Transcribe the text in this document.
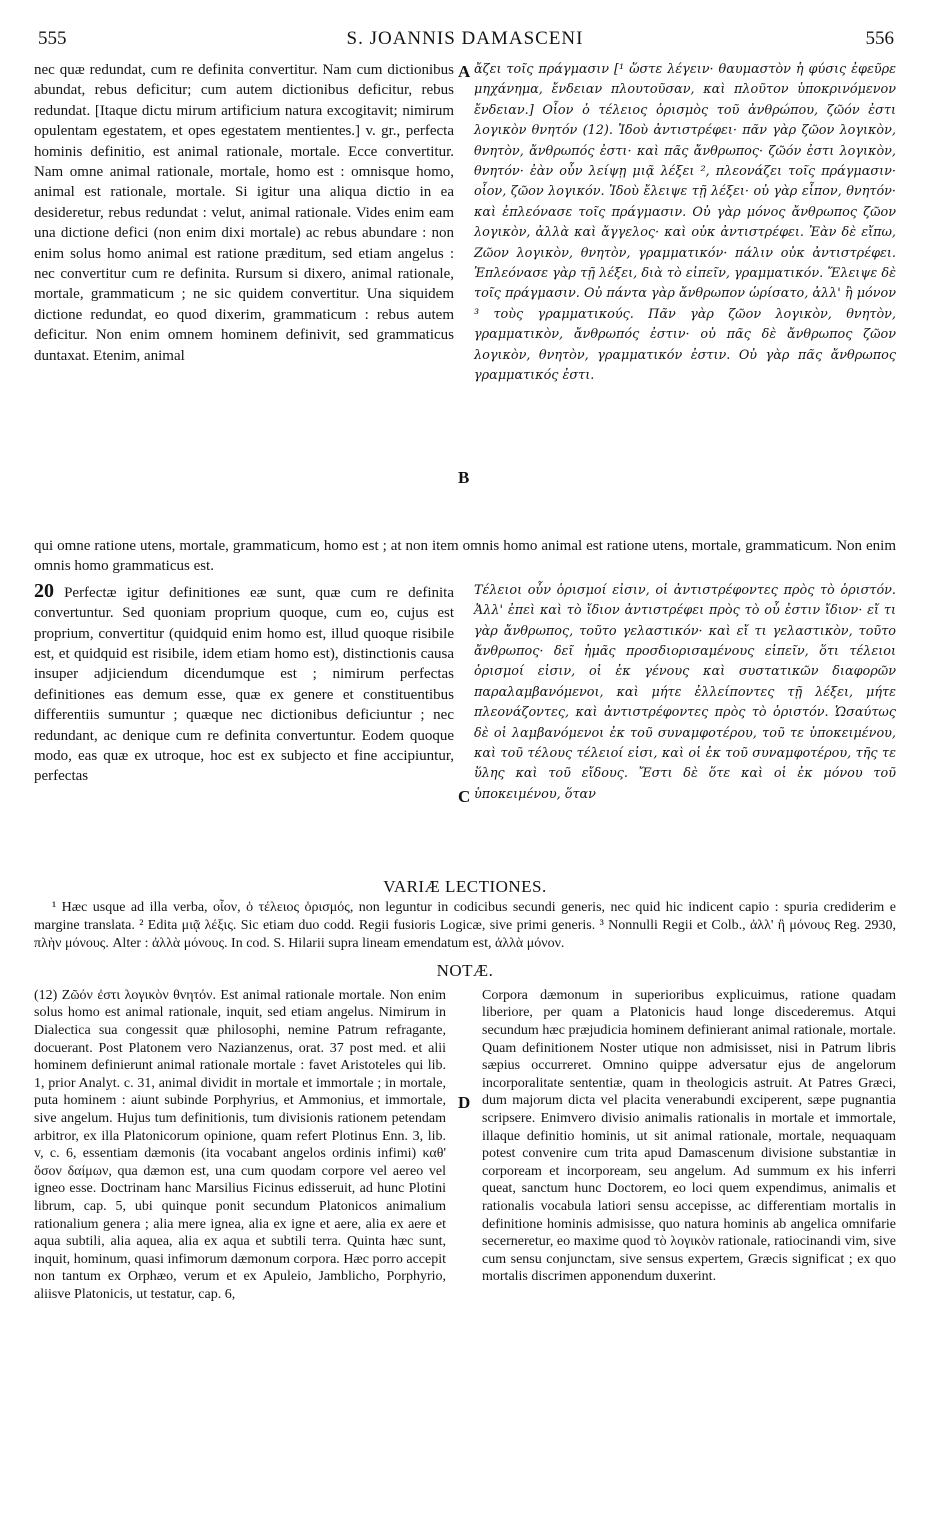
555	S. JOANNIS DAMASCENI	556
nec quæ redundat, cum re definita convertitur. Nam cum dictionibus abundat, rebus deficitur; cum autem dictionibus deficitur, rebus redundat. [Itaque dictu mirum artificium natura excogitavit; nimirum opulentam egestatem, et opes egestatem mentientes.] v. gr., perfecta hominis definitio, est animal rationale, mortale. Ecce convertitur. Nam omne animal rationale, mortale, homo est : omnisque homo, animal est rationale, mortale. Si igitur una aliqua dictio in ea desideretur, rebus redundat : velut, animal rationale. Vides enim eam una dictione defici (non enim dixi mortale) ac rebus abundare : non enim solus homo animal est ratione præditum, sed etiam angelus : nec convertitur cum re definita. Rursum si dixero, animal rationale, mortale, grammaticum ; ne sic quidem convertitur. Una siquidem dictione redundat, eo quod dixerim, grammaticum : rebus autem deficitur. Non enim omnem hominem definivit, sed grammaticus duntaxat. Etenim, animal
A
B
ἄζει τοῖς πράγμασιν [¹ ὥστε λέγειν· θαυμαστὸν ἡ φύσις ἐφεῦρε μηχάνημα, ἔνδειαν πλουτοῦσαν, καὶ πλοῦτον ὑποκρινόμενον ἔνδειαν.] Οἷον ὁ τέλειος ὁρισμὸς τοῦ ἀνθρώπου, ζῶόν ἐστι λογικὸν θνητόν (12). Ἰδοὺ ἀντιστρέφει· πᾶν γὰρ ζῶον λογικὸν, θνητὸν, ἄνθρωπός ἐστι· καὶ πᾶς ἄνθρωπος· ζῶόν ἐστι λογικὸν, θνητόν· ἐὰν οὖν λείψῃ μιᾷ λέξει ², πλεονάζει τοῖς πράγμασιν· οἷον, ζῶον λογικόν. Ἰδοὺ ἔλειψε τῇ λέξει· οὐ γὰρ εἶπον, θνητόν· καὶ ἐπλεόνασε τοῖς πράγμασιν. Οὐ γὰρ μόνος ἄνθρωπος ζῶον λογικὸν, ἀλλὰ καὶ ἄγγελος· καὶ οὐκ ἀντιστρέφει. Ἐὰν δὲ εἴπω, Ζῶον λογικὸν, θνητὸν, γραμματικόν· πάλιν οὐκ ἀντιστρέφει. Ἐπλεόνασε γὰρ τῇ λέξει, διὰ τὸ εἰπεῖν, γραμματικόν. Ἔλειψε δὲ τοῖς πράγμασιν. Οὐ πάντα γὰρ ἄνθρωπον ὡρίσατο, ἀλλ' ἢ μόνον ³ τοὺς γραμματικούς. Πᾶν γὰρ ζῶον λογικὸν, θνητὸν, γραμματικὸν, ἄνθρωπός ἐστιν· οὐ πᾶς δὲ ἄνθρωπος ζῶον λογικὸν, θνητὸν, γραμματικόν ἐστιν. Οὐ γὰρ πᾶς ἄνθρωπος γραμματικός ἐστι.
qui omne ratione utens, mortale, grammaticum, homo est ; at non item omnis homo animal est ratione utens, mortale, grammaticum. Non enim omnis homo grammaticus est.
20 Perfectæ igitur definitiones eæ sunt, quæ cum re definita convertuntur. Sed quoniam proprium quoque, cum eo, cujus est proprium, convertitur (quidquid enim homo est, illud quoque risibile est, et quidquid est risibile, idem etiam homo est), distinctionis causa insuper adjiciendum dicendumque est ; nimirum perfectas definitiones eas demum esse, quæ ex genere et constituentibus differentiis sumuntur ; quæque nec dictionibus deficiuntur ; nec redundant, ac denique cum re definita convertuntur. Eodem quoque modo, eas quæ ex utroque, hoc est ex subjecto et fine accipiuntur, perfectas
C
Τέλειοι οὖν ὁρισμοί εἰσιν, οἱ ἀντιστρέφοντες πρὸς τὸ ὁριστόν. Ἀλλ' ἐπεὶ καὶ τὸ ἴδιον ἀντιστρέφει πρὸς τὸ οὗ ἐστιν ἴδιον· εἴ τι γὰρ ἄνθρωπος, τοῦτο γελαστικόν· καὶ εἴ τι γελαστικὸν, τοῦτο ἄνθρωπος· δεῖ ἡμᾶς προσδιορισαμένους εἰπεῖν, ὅτι τέλειοι ὁρισμοί εἰσιν, οἱ ἐκ γένους καὶ συστατικῶν διαφορῶν παραλαμβανόμενοι, καὶ μήτε ἐλλείποντες τῇ λέξει, μήτε πλεονάζοντες, καὶ ἀντιστρέφοντες πρὸς τὸ ὁριστόν. Ὡσαύτως δὲ οἱ λαμβανόμενοι ἐκ τοῦ συναμφοτέρου, τοῦ τε ὑποκειμένου, καὶ τοῦ τέλους τέλειοί εἰσι, καὶ οἱ ἐκ τοῦ συναμφοτέρου, τῆς τε ὕλης καὶ τοῦ εἴδους. Ἔστι δὲ ὅτε καὶ οἱ ἐκ μόνου τοῦ ὑποκειμένου, ὅταν
VARIÆ LECTIONES.
¹ Hæc usque ad illa verba, οἷον, ὁ τέλειος ὁρισμός, non leguntur in codicibus secundi generis, nec quid hic indicent capio : spuria crediderim e margine translata. ² Edita μιᾷ λέξις. Sic etiam duo codd. Regii fusioris Logicæ, sive primi generis. ³ Nonnulli Regii et Colb., ἀλλ' ἢ μόνους Reg. 2930, πλὴν μόνους. Alter : ἀλλὰ μόνους. In cod. S. Hilarii supra lineam emendatum est, ἀλλὰ μόνον.
NOTÆ.
(12) Ζῶόν ἐστι λογικὸν θνητόν. Est animal rationale mortale. Non enim solus homo est animal rationale, inquit, sed etiam angelus. Nimirum in Dialectica sua congessit quæ philosophi, nemine Patrum refragante, docuerant. Post Platonem vero Nazianzenus, orat. 37 post med. et alii hominem definierunt animal rationale mortale : favet Aristoteles qui lib. 1, prior Analyt. c. 31, animal dividit in mortale et immortale ; in mortale, puta hominem : aiunt subinde Porphyrius, et Ammonius, et immortale, sive angelum. Hujus tum definitionis, tum divisionis rationem petendam arbitror, ex illa Platonicorum opinione, quam refert Plotinus Enn. 3, lib. v, c. 6, essentiam dæmonis (ita vocabant angelos ordinis infimi) καθ' ὅσον δαίμων, qua dæmon est, una cum quodam corpore vel aereo vel igneo esse. Doctrinam hanc Marsilius Ficinus edisseruit, ad hunc Plotini librum, cap. 5, ubi quinque ponit secundum Platonicos animalium rationalium genera ; alia mere ignea, alia ex igne et aere, alia ex aere et aqua subtili, alia aquea, alia ex aqua et subtili terra. Quinta hæc sunt, inquit, hominum, quasi infimorum dæmonum corpora. Hæc porro accepit non tantum ex Orphæo, verum et ex Apuleio, Jamblicho, Porphyrio, aliisve Platonicis, ut testatur, cap. 6,
D
Corpora dæmonum in superioribus explicuimus, ratione quadam liberiore, per quam a Platonicis haud longe discederemus. Atqui secundum hæc præjudicia hominem definierant animal rationale, mortale. Quam definitionem Noster utique non admisisset, nisi in Patrum libris sæpius occurreret. Omnino quippe adversatur ejus de angelorum incorporalitate sententiæ, quam in theologicis astruit. At Patres Græci, dum majorum dicta vel placita venerabundi exciperent, sæpe pugnantia scripsere. Enimvero divisio animalis rationalis in mortale et immortale, illaque definitio hominis, ut sit animal rationale, mortale, nequaquam potest convenire cum trita apud Damascenum divisione substantiæ in corpoream et incorpoream, seu angelum. Ad summum ex his inferri queat, sanctum hunc Doctorem, eo loci quem expendimus, animalis et rationalis vocabula latiori sensu accepisse, ac differentiam mortalis in definitione hominis admisisse, quo natura hominis ab angelica omnifarie secerneretur, eo maxime quod τὸ λογικὸν rationale, ratiocinandi vim, sive cum sensu conjunctam, sive sensus expertem, Græcis significat ; ex quo mortalis discrimen apponendum duxerint.
